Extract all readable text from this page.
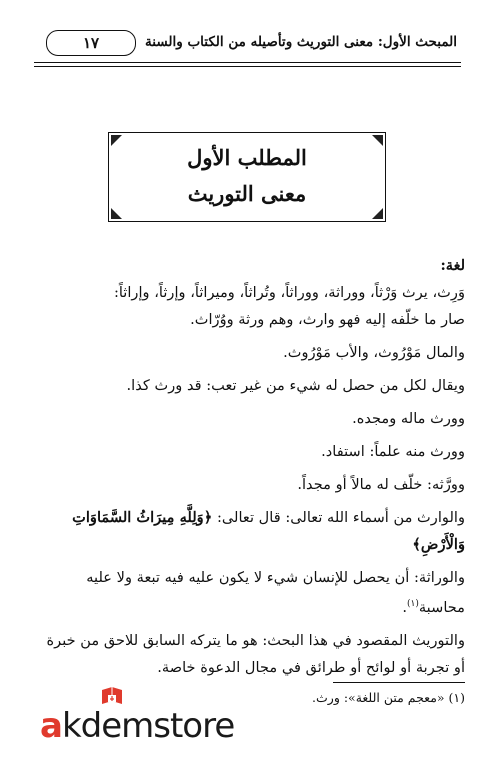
١٧	المبحث الأول: معنى التوريث وتأصيله من الكتاب والسنة
المطلب الأول
معنى التوريث

لغة:

وَرِث، يرث وَرْثاً، ووراثة، ووراثاً، وتُراثاً، وميراثاً، وإرثاً، وإراثاً:

صار ما خلّفه إليه فهو وارث، وهم ورثة ووُرّاث.

والمال مَوْرُوث، والأب مَوْرُوث.

ويقال لكل من حصل له شيء من غير تعب: قد ورث كذا.

وورث ماله ومجده.

وورث منه علماً: استفاد.

وورَّثه: خلّف له مالاً أو مجداً.

والوارث من أسماء الله تعالى: قال تعالى: ﴿وَلِلَّهِ مِيرَاثُ السَّمَاوَاتِ وَالْأَرْضِ﴾

والوراثة: أن يحصل للإنسان شيء لا يكون عليه فيه تبعة ولا عليه محاسبة$^{(١)}$.

والتوريث المقصود في هذا البحث: هو ما يتركه السابق للاحق من خبرة أو تجربة أو لوائح أو طرائق في مجال الدعوة خاصة.

(١) «معجم متن اللغة»: ورث.
akdemstore
